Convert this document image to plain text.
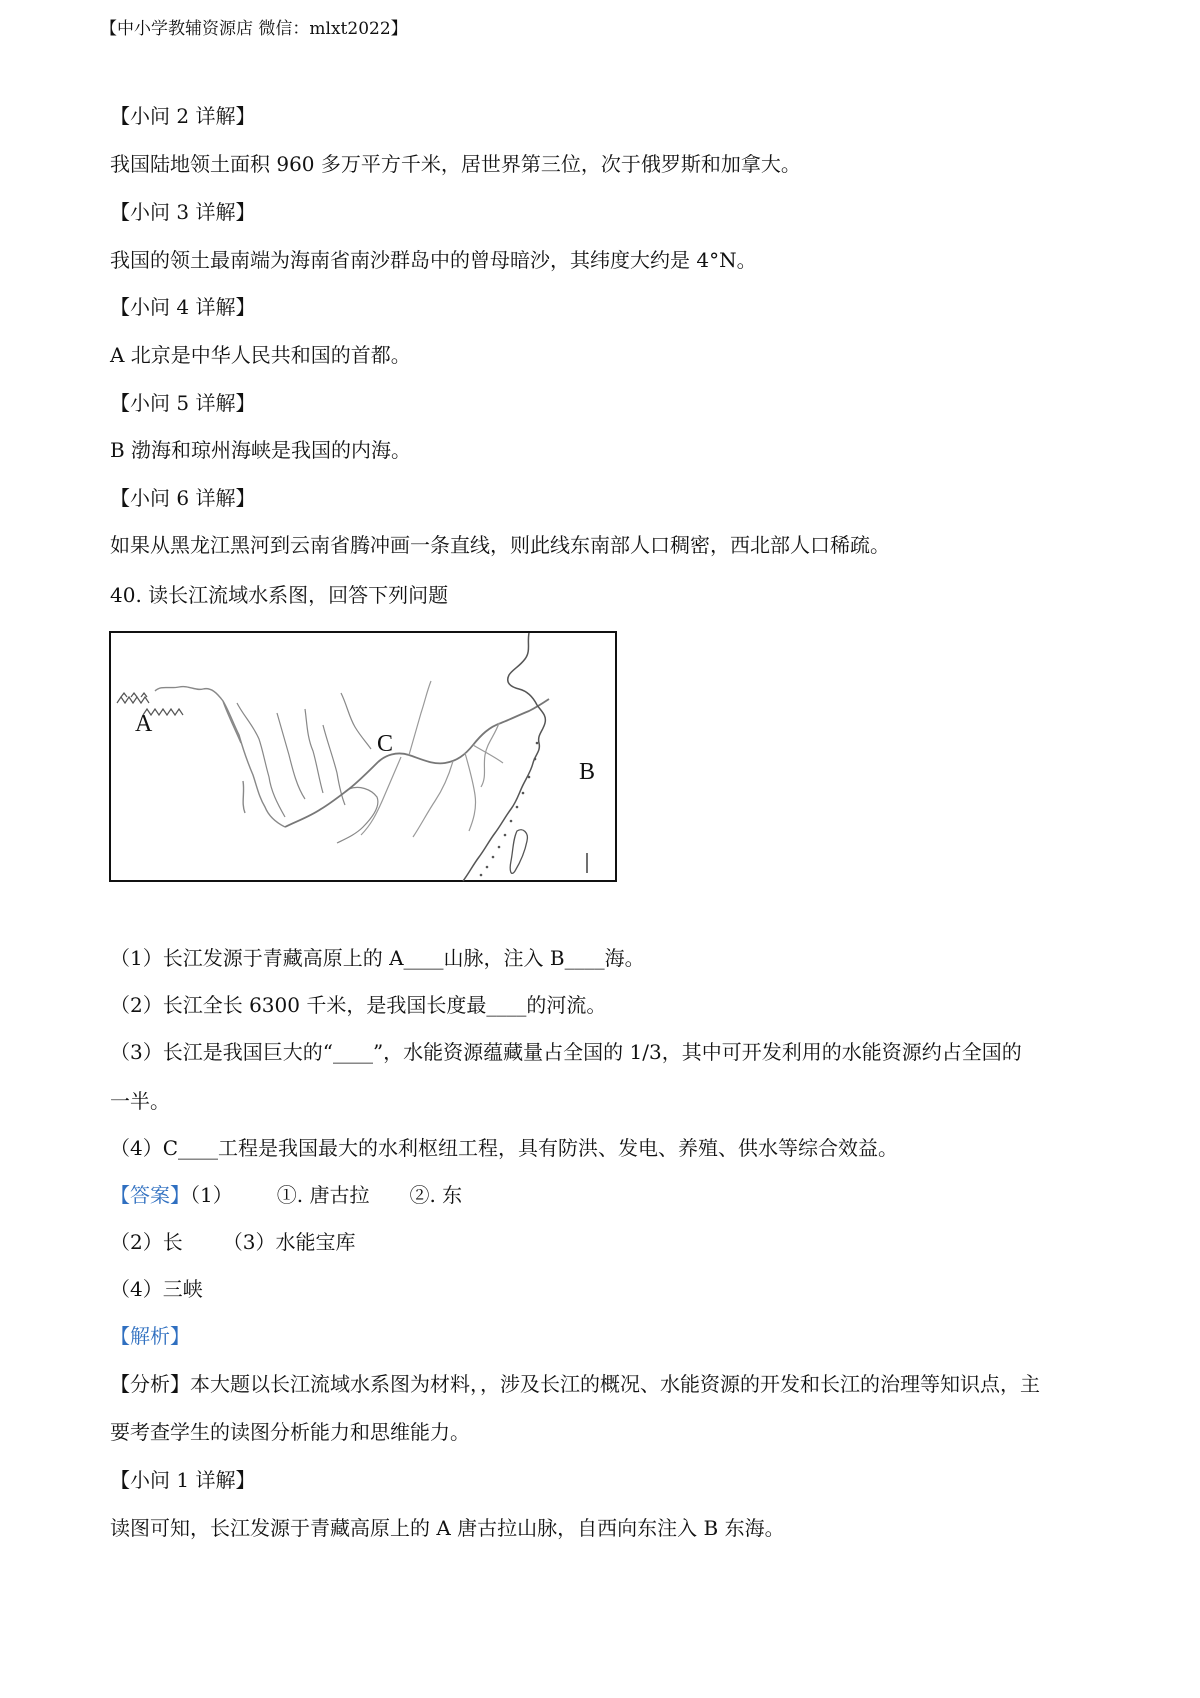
【中小学教辅资源店 微信：mlxt2022】
【小问 2 详解】
我国陆地领土面积 960 多万平方千米，居世界第三位，次于俄罗斯和加拿大。
【小问 3 详解】
我国的领土最南端为海南省南沙群岛中的曾母暗沙，其纬度大约是 4°N。
【小问 4 详解】
A 北京是中华人民共和国的首都。
【小问 5 详解】
B 渤海和琼州海峡是我国的内海。
【小问 6 详解】
如果从黑龙江黑河到云南省腾冲画一条直线，则此线东南部人口稠密，西北部人口稀疏。
40. 读长江流域水系图，回答下列问题
A
C
B
（1）长江发源于青藏高原上的 A____山脉，注入 B____海。
（2）长江全长 6300 千米，是我国长度最____的河流。
（3）长江是我国巨大的“____”，水能资源蕴藏量占全国的 1/3，其中可开发利用的水能资源约占全国的
一半。
（4）C____工程是我国最大的水利枢纽工程，具有防洪、发电、养殖、供水等综合效益。
【答案】（1） ①. 唐古拉 ②. 东
（2）长 （3）水能宝库
（4）三峡
【解析】
【分析】本大题以长江流域水系图为材料，，涉及长江的概况、水能资源的开发和长江的治理等知识点，主
要考查学生的读图分析能力和思维能力。
【小问 1 详解】
读图可知，长江发源于青藏高原上的 A 唐古拉山脉，自西向东注入 B 东海。
